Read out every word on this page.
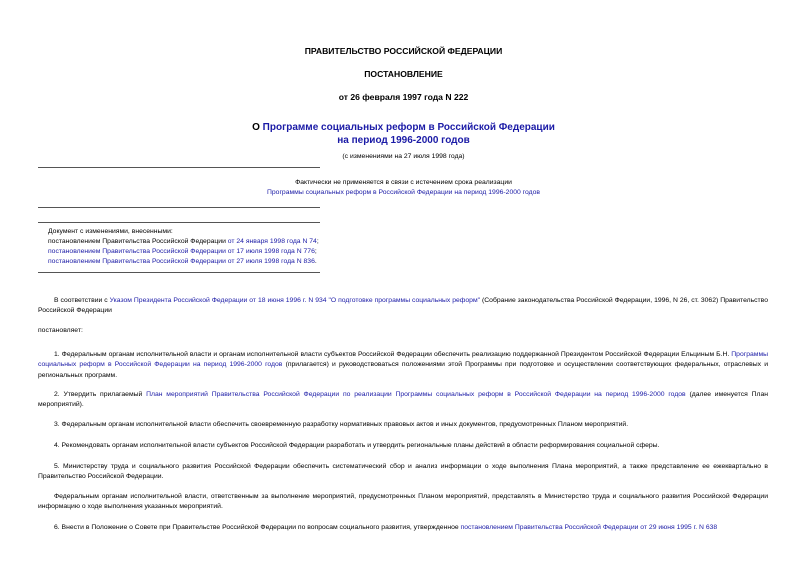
ПРАВИТЕЛЬСТВО РОССИЙСКОЙ ФЕДЕРАЦИИ
ПОСТАНОВЛЕНИЕ
от 26 февраля 1997 года N 222
О Программе социальных реформ в Российской Федерации
на период 1996-2000 годов
(с изменениями на 27 июля 1998 года)
Фактически не применяется в связи с истечением срока реализации
Программы социальных реформ в Российской Федерации на период 1996-2000 годов
Документ с изменениями, внесенными:
постановлением Правительства Российской Федерации от 24 января 1998 года N 74;
постановлением Правительства Российской Федерации от 17 июля 1998 года N 776;
постановлением Правительства Российской Федерации от 27 июля 1998 года N 836.
В соответствии с Указом Президента Российской Федерации от 18 июня 1996 г. N 934 "О подготовке программы социальных реформ" (Собрание законодательства Российской Федерации, 1996, N 26, ст. 3062) Правительство Российской Федерации
постановляет:
1. Федеральным органам исполнительной власти и органам исполнительной власти субъектов Российской Федерации обеспечить реализацию поддержанной Президентом Российской Федерации Ельциным Б.Н. Программы социальных реформ в Российской Федерации на период 1996-2000 годов (прилагается) и руководствоваться положениями этой Программы при подготовке и осуществлении соответствующих федеральных, отраслевых и региональных программ.
2. Утвердить прилагаемый План мероприятий Правительства Российской Федерации по реализации Программы социальных реформ в Российской Федерации на период 1996-2000 годов (далее именуется План мероприятий).
3. Федеральным органам исполнительной власти обеспечить своевременную разработку нормативных правовых актов и иных документов, предусмотренных Планом мероприятий.
4. Рекомендовать органам исполнительной власти субъектов Российской Федерации разработать и утвердить региональные планы действий в области реформирования социальной сферы.
5. Министерству труда и социального развития Российской Федерации обеспечить систематический сбор и анализ информации о ходе выполнения Плана мероприятий, а также представление ее ежеквартально в Правительство Российской Федерации.
Федеральным органам исполнительной власти, ответственным за выполнение мероприятий, предусмотренных Планом мероприятий, представлять в Министерство труда и социального развития Российской Федерации информацию о ходе выполнения указанных мероприятий.
6. Внести в Положение о Совете при Правительстве Российской Федерации по вопросам социального развития, утвержденное постановлением Правительства Российской Федерации от 29 июня 1995 г. N 638
